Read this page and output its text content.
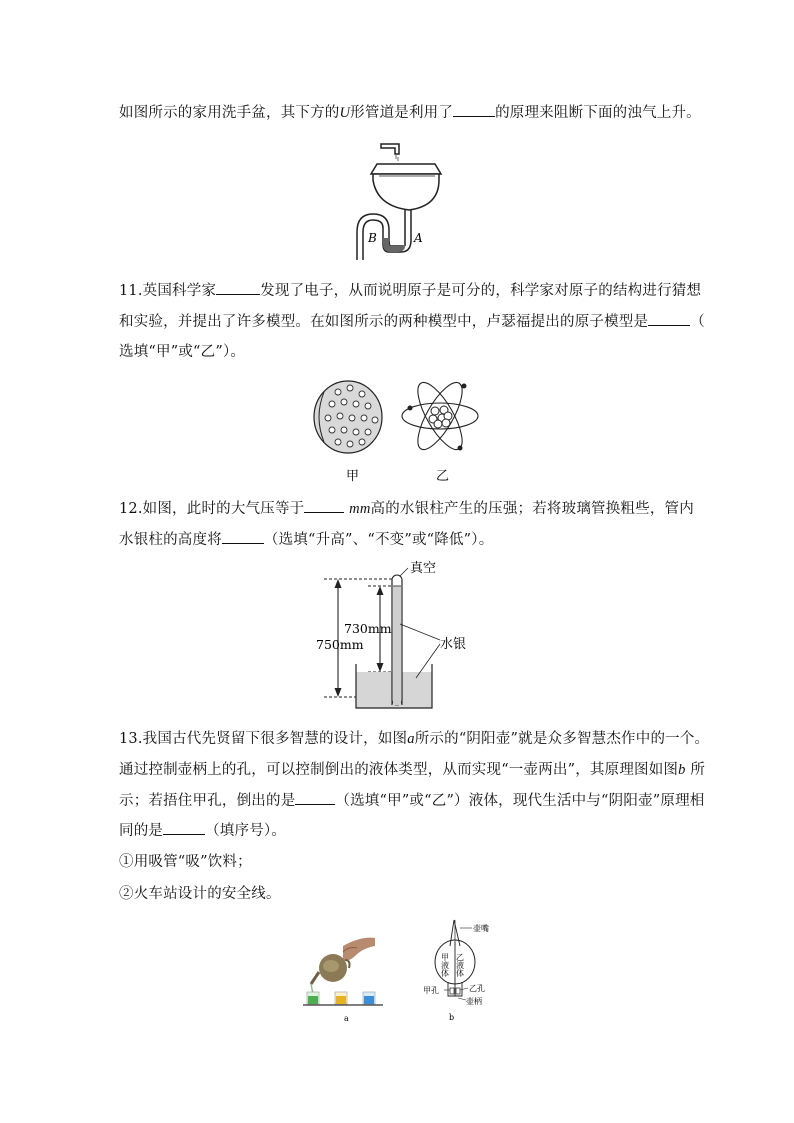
如图所示的家用洗手盆，其下方的U形管道是利用了	的原理来阻断下面的浊气上升。
B	A
11.英国科学家	发现了电子，从而说明原子是可分的，科学家对原子的结构进行猜想
和实验，并提出了许多模型。在如图所示的两种模型中，卢瑟福提出的原子模型是	（
选填“甲”或“乙”）。
甲	乙
12.如图，此时的大气压等于	mm高的水银柱产生的压强；若将玻璃管换粗些，管内
水银柱的高度将	（选填“升高”、“不变”或“降低”）。
真空
730mm
750mm	水银
13.我国古代先贤留下很多智慧的设计，如图a所示的“阴阳壶”就是众多智慧杰作中的一个。
通过控制壶柄上的孔，可以控制倒出的液体类型，从而实现“一壶两出”，其原理图如图b 所
示；若捂住甲孔，倒出的是	（选填“甲”或“乙”）液体，现代生活中与“阴阳壶”原理相
同的是	（填序号）。
①用吸管“吸”饮料；
②火车站设计的安全线。
a
壶嘴
甲液体 乙液体
甲孔	乙孔
壶柄
b
